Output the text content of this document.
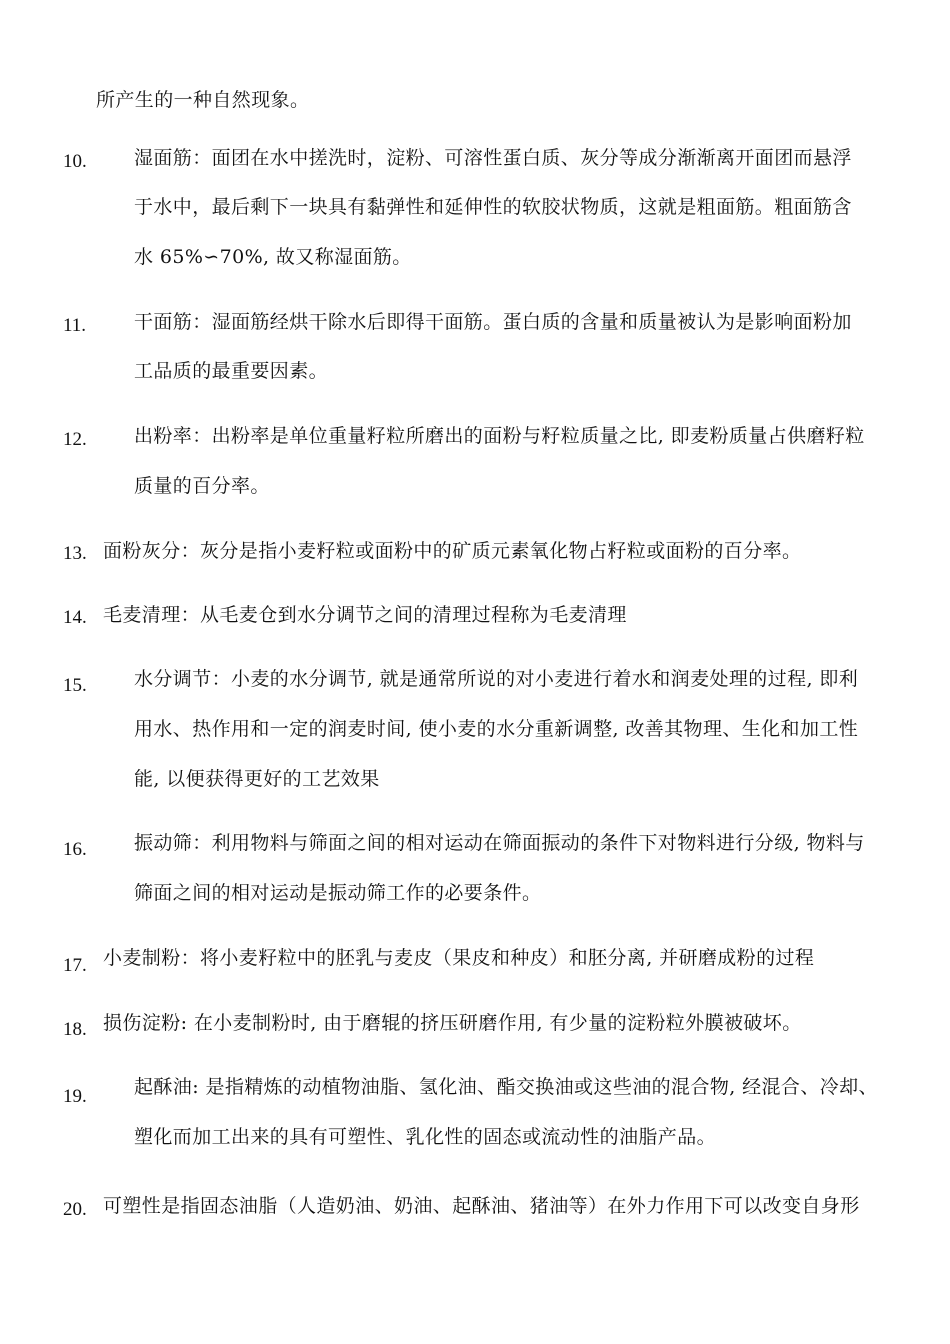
所产生的一种自然现象。
10. 湿面筋：面团在水中搓洗时，淀粉、可溶性蛋白质、灰分等成分渐渐离开面团而悬浮
于水中，最后剩下一块具有黏弹性和延伸性的软胶状物质，这就是粗面筋。粗面筋含
水 65%∽70%, 故又称湿面筋。
11.	干面筋：湿面筋经烘干除水后即得干面筋。蛋白质的含量和质量被认为是影响面粉加
工品质的最重要因素。
12. 出粉率：出粉率是单位重量籽粒所磨出的面粉与籽粒质量之比, 即麦粉质量占供磨籽粒
质量的百分率。
13. 面粉灰分：灰分是指小麦籽粒或面粉中的矿质元素氧化物占籽粒或面粉的百分率。
14. 毛麦清理：从毛麦仓到水分调节之间的清理过程称为毛麦清理
15. 水分调节：小麦的水分调节, 就是通常所说的对小麦进行着水和润麦处理的过程, 即利
用水、热作用和一定的润麦时间, 使小麦的水分重新调整, 改善其物理、生化和加工性
能, 以便获得更好的工艺效果
16. 振动筛：利用物料与筛面之间的相对运动在筛面振动的条件下对物料进行分级, 物料与
筛面之间的相对运动是振动筛工作的必要条件。
17. 小麦制粉：将小麦籽粒中的胚乳与麦皮（果皮和种皮）和胚分离, 并研磨成粉的过程
18. 损伤淀粉: 在小麦制粉时, 由于磨辊的挤压研磨作用, 有少量的淀粉粒外膜被破坏。
19. 起酥油: 是指精炼的动植物油脂、氢化油、酯交换油或这些油的混合物, 经混合、冷却、
塑化而加工出来的具有可塑性、乳化性的固态或流动性的油脂产品。
20. 可塑性是指固态油脂（人造奶油、奶油、起酥油、猪油等）在外力作用下可以改变自身形
